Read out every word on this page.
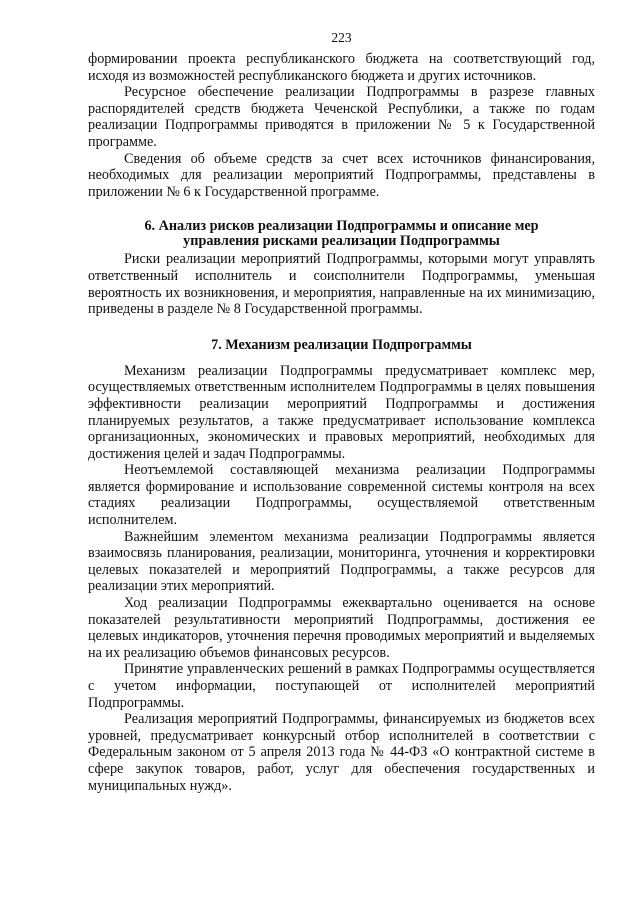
223

формировании проекта республиканского бюджета на соответствующий год, исходя из возможностей республиканского бюджета и других источников.

Ресурсное обеспечение реализации Подпрограммы в разрезе главных распорядителей средств бюджета Чеченской Республики, а также по годам реализации Подпрограммы приводятся в приложении № 5 к Государственной программе.

Сведения об объеме средств за счет всех источников финансирования, необходимых для реализации мероприятий Подпрограммы, представлены в приложении № 6 к Государственной программе.

6. Анализ рисков реализации Подпрограммы и описание мер
управления рисками реализации Подпрограммы

Риски реализации мероприятий Подпрограммы, которыми могут управлять ответственный исполнитель и соисполнители Подпрограммы, уменьшая вероятность их возникновения, и мероприятия, направленные на их минимизацию, приведены в разделе № 8 Государственной программы.

7. Механизм реализации Подпрограммы

Механизм реализации Подпрограммы предусматривает комплекс мер, осуществляемых ответственным исполнителем Подпрограммы в целях повышения эффективности реализации мероприятий Подпрограммы и достижения планируемых результатов, а также предусматривает использование комплекса организационных, экономических и правовых мероприятий, необходимых для достижения целей и задач Подпрограммы.

Неотъемлемой составляющей механизма реализации Подпрограммы является формирование и использование современной системы контроля на всех стадиях реализации Подпрограммы, осуществляемой ответственным исполнителем.

Важнейшим элементом механизма реализации Подпрограммы является взаимосвязь планирования, реализации, мониторинга, уточнения и корректировки целевых показателей и мероприятий Подпрограммы, а также ресурсов для реализации этих мероприятий.

Ход реализации Подпрограммы ежеквартально оценивается на основе показателей результативности мероприятий Подпрограммы, достижения ее целевых индикаторов, уточнения перечня проводимых мероприятий и выделяемых на их реализацию объемов финансовых ресурсов.

Принятие управленческих решений в рамках Подпрограммы осуществляется с учетом информации, поступающей от исполнителей мероприятий Подпрограммы.

Реализация мероприятий Подпрограммы, финансируемых из бюджетов всех уровней, предусматривает конкурсный отбор исполнителей в соответствии с Федеральным законом от 5 апреля 2013 года № 44-ФЗ «О контрактной системе в сфере закупок товаров, работ, услуг для обеспечения государственных и муниципальных нужд».
